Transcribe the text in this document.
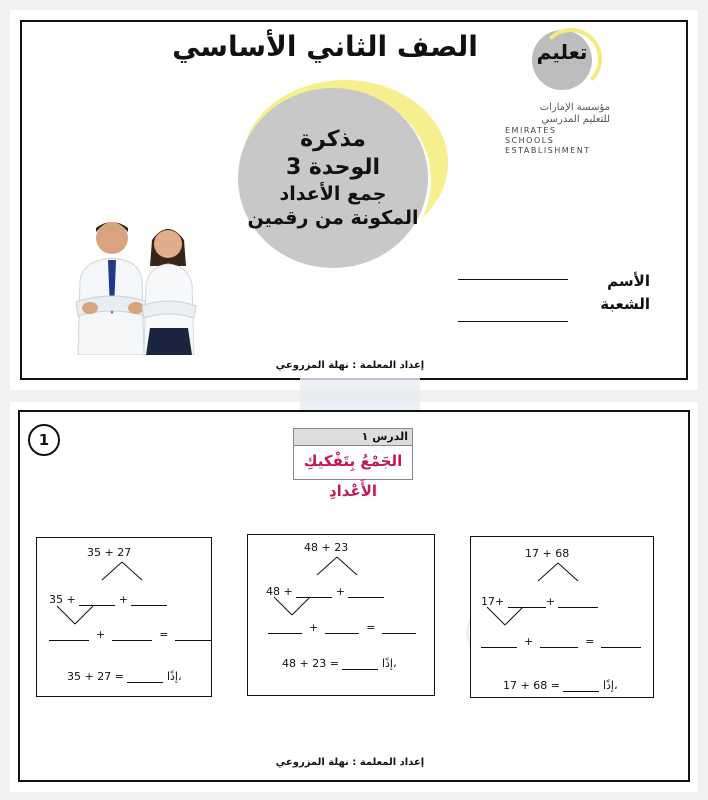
الصف الثاني الأساسي
مذكرة
الوحدة 3
جمع الأعداد
المكونة من رقمين
تعليم
مؤسسة الإمارات
للتعليم المدرسي
EMIRATES SCHOOLS
ESTABLISHMENT
الأسم
الشعبة
إعداد المعلمة : نهلة المزروعي
1	الدرس ١
الجَمْعُ بِتَفْكيكِ الأَعْدادِ
35 + 27
35 +	+
+	=
35 + 27 =	إذًا،
48 + 23
48 +	+
+	=
48 + 23 =	إذًا،
17 + 68
17+	+
+	=
17 + 68 =	إذًا،
إعداد المعلمة : نهلة المزروعي
